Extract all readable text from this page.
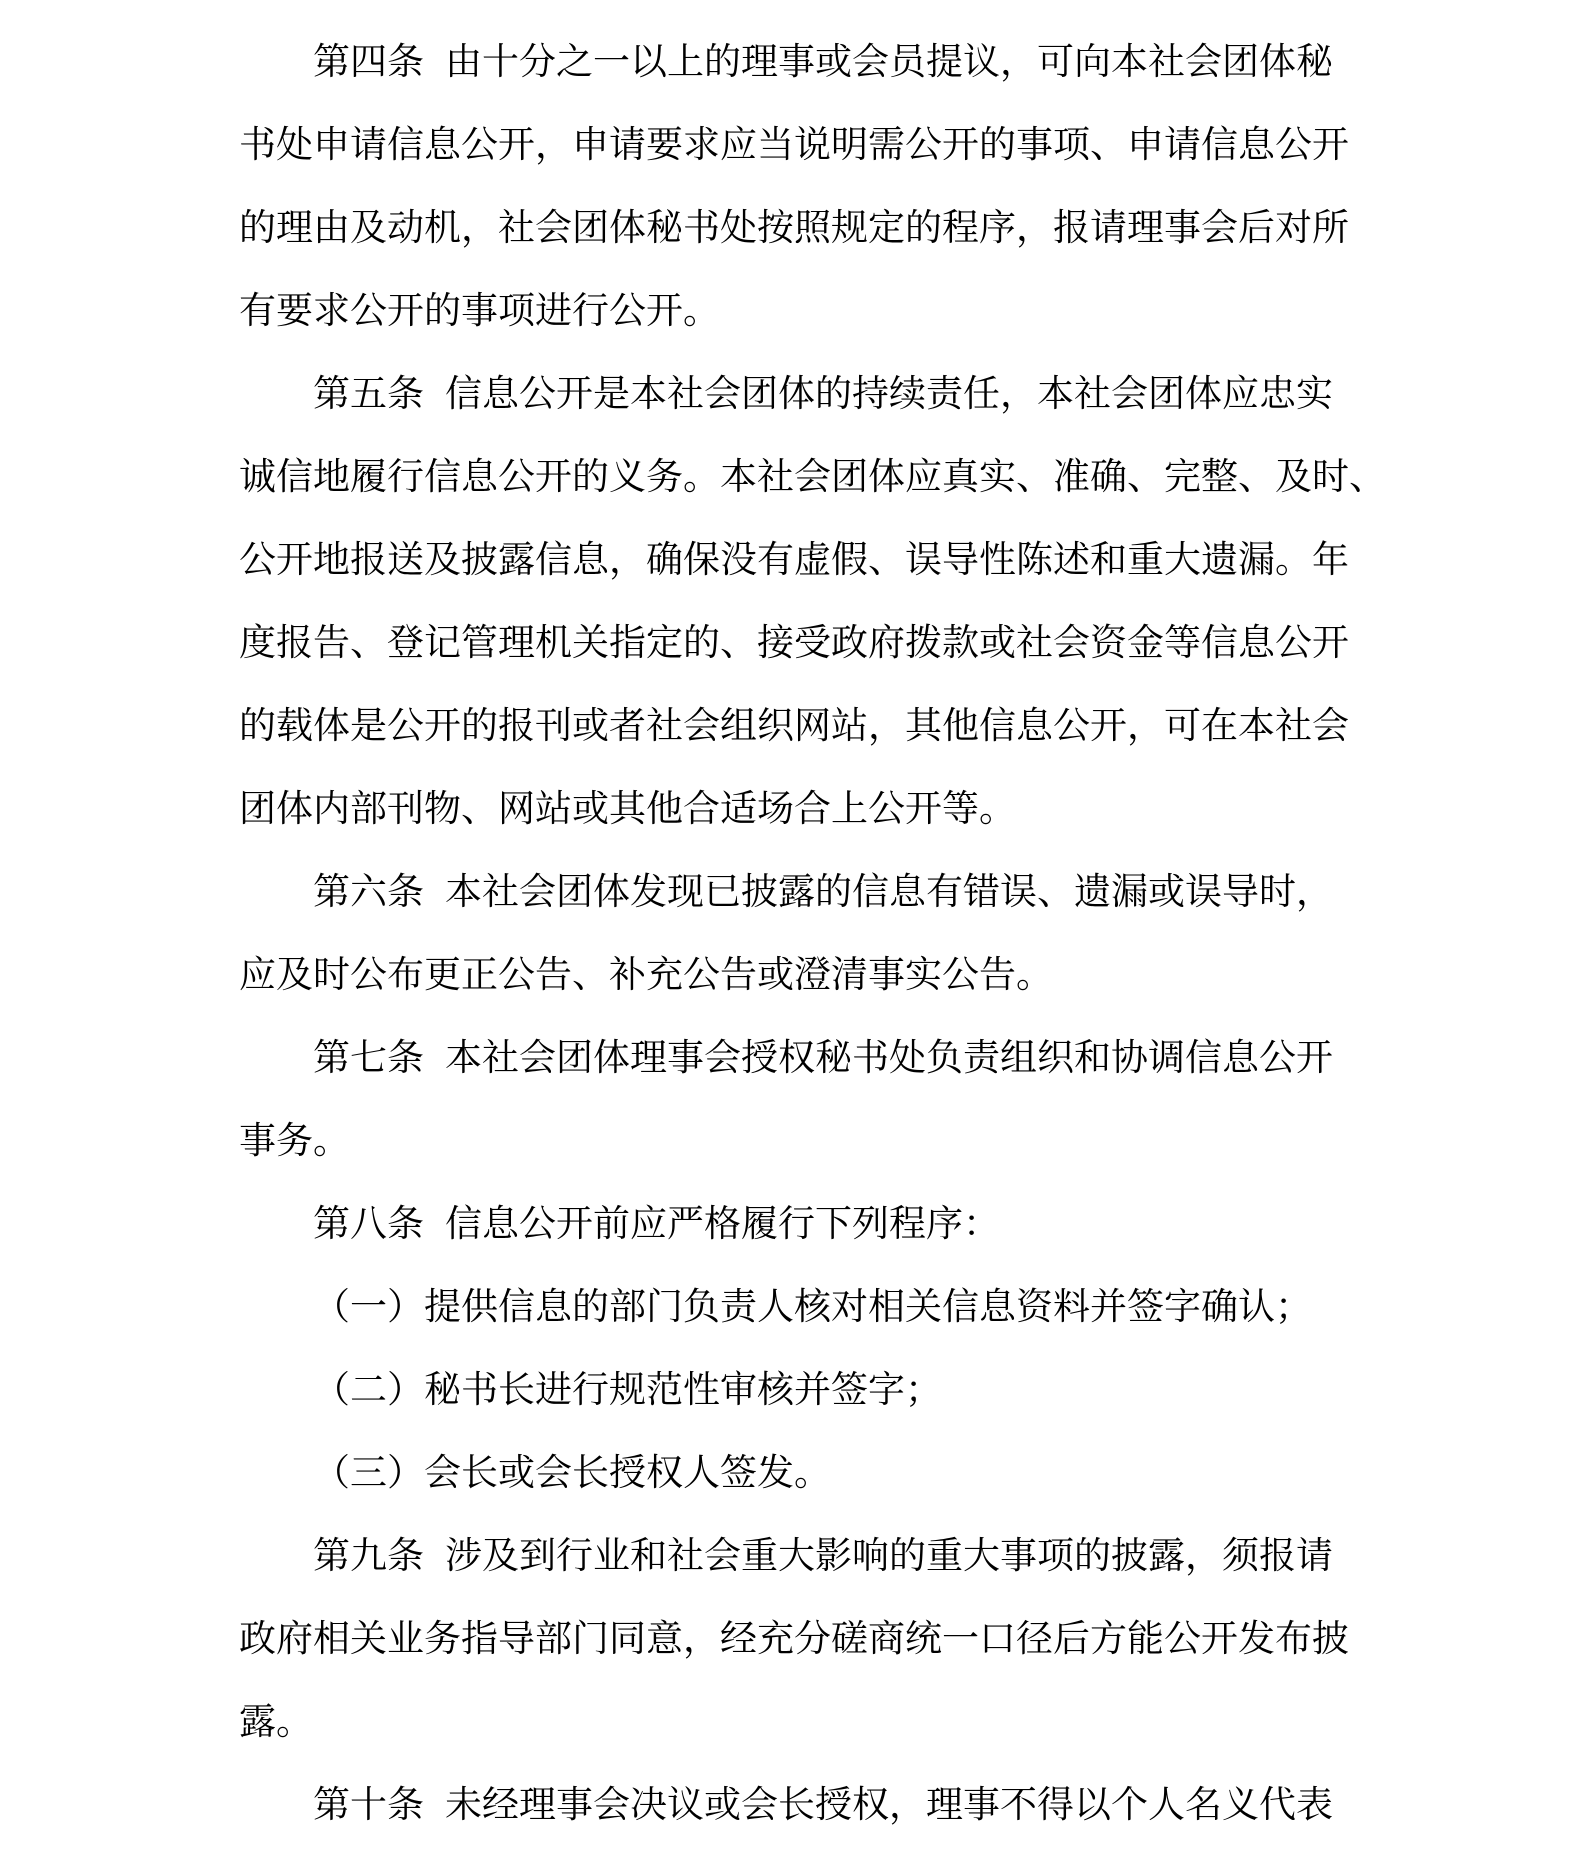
第四条 由十分之一以上的理事或会员提议，可向本社会团体秘
书处申请信息公开，申请要求应当说明需公开的事项、申请信息公开
的理由及动机，社会团体秘书处按照规定的程序，报请理事会后对所
有要求公开的事项进行公开。
第五条 信息公开是本社会团体的持续责任，本社会团体应忠实
诚信地履行信息公开的义务。本社会团体应真实、准确、完整、及时、
公开地报送及披露信息，确保没有虚假、误导性陈述和重大遗漏。年
度报告、登记管理机关指定的、接受政府拨款或社会资金等信息公开
的载体是公开的报刊或者社会组织网站，其他信息公开，可在本社会
团体内部刊物、网站或其他合适场合上公开等。
第六条 本社会团体发现已披露的信息有错误、遗漏或误导时，
应及时公布更正公告、补充公告或澄清事实公告。
第七条 本社会团体理事会授权秘书处负责组织和协调信息公开
事务。
第八条 信息公开前应严格履行下列程序：
（一）提供信息的部门负责人核对相关信息资料并签字确认；
（二）秘书长进行规范性审核并签字；
（三）会长或会长授权人签发。
第九条 涉及到行业和社会重大影响的重大事项的披露，须报请
政府相关业务指导部门同意，经充分磋商统一口径后方能公开发布披
露。
第十条 未经理事会决议或会长授权，理事不得以个人名义代表
